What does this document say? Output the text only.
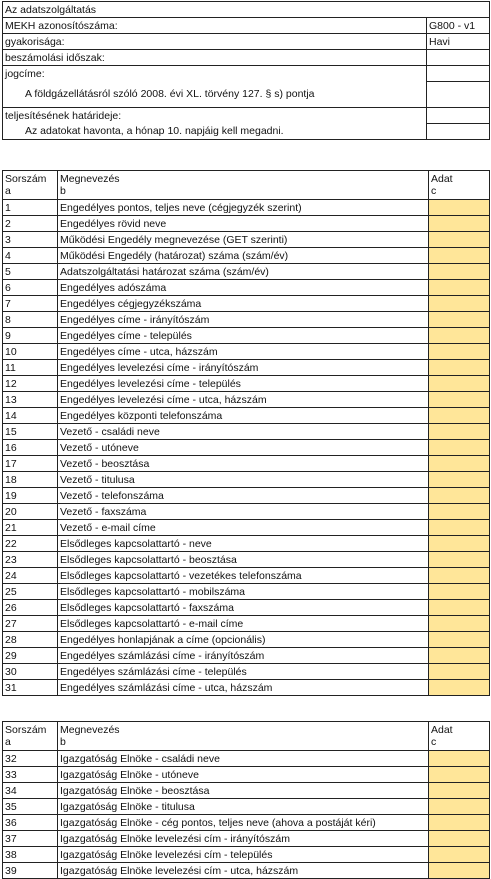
Az adatszolgáltatás	
MEKH azonosítószáma:	G800 - v1
gyakorisága:	Havi
beszámolási időszak:	
jogcíme:	
A földgázellátásról szóló 2008. évi XL. törvény 127. § s) pontja	
teljesítésének határideje:	
Az adatokat havonta, a hónap 10. napjáig kell megadni.	
Sorszám	Megnevezés	Adat
a	b	c
1	Engedélyes pontos, teljes neve (cégjegyzék szerint)	
2	Engedélyes rövid neve	
3	Működési Engedély megnevezése (GET szerinti)	
4	Működési Engedély (határozat) száma (szám/év)	
5	Adatszolgáltatási határozat száma (szám/év)	
6	Engedélyes adószáma	
7	Engedélyes cégjegyzékszáma	
8	Engedélyes címe - irányítószám	
9	Engedélyes címe - település	
10	Engedélyes címe - utca, házszám	
11	Engedélyes levelezési címe - irányítószám	
12	Engedélyes levelezési címe - település	
13	Engedélyes levelezési címe - utca, házszám	
14	Engedélyes központi telefonszáma	
15	Vezető - családi neve	
16	Vezető - utóneve	
17	Vezető - beosztása	
18	Vezető - titulusa	
19	Vezető - telefonszáma	
20	Vezető - faxszáma	
21	Vezető - e-mail címe	
22	Elsődleges kapcsolattartó - neve	
23	Elsődleges kapcsolattartó - beosztása	
24	Elsődleges kapcsolattartó - vezetékes telefonszáma	
25	Elsődleges kapcsolattartó - mobilszáma	
26	Elsődleges kapcsolattartó - faxszáma	
27	Elsődleges kapcsolattartó - e-mail címe	
28	Engedélyes honlapjának a címe (opcionális)	
29	Engedélyes számlázási címe - irányítószám	
30	Engedélyes számlázási címe - település	
31	Engedélyes számlázási címe - utca, házszám	
Sorszám	Megnevezés	Adat
a	b	c
32	Igazgatóság Elnöke - családi neve	
33	Igazgatóság Elnöke - utóneve	
34	Igazgatóság Elnöke - beosztása	
35	Igazgatóság Elnöke - titulusa	
36	Igazgatóság Elnöke - cég pontos, teljes neve (ahova a postáját kéri)	
37	Igazgatóság Elnöke levelezési cím - irányítószám	
38	Igazgatóság Elnöke levelezési cím - település	
39	Igazgatóság Elnöke levelezési cím - utca, házszám	
